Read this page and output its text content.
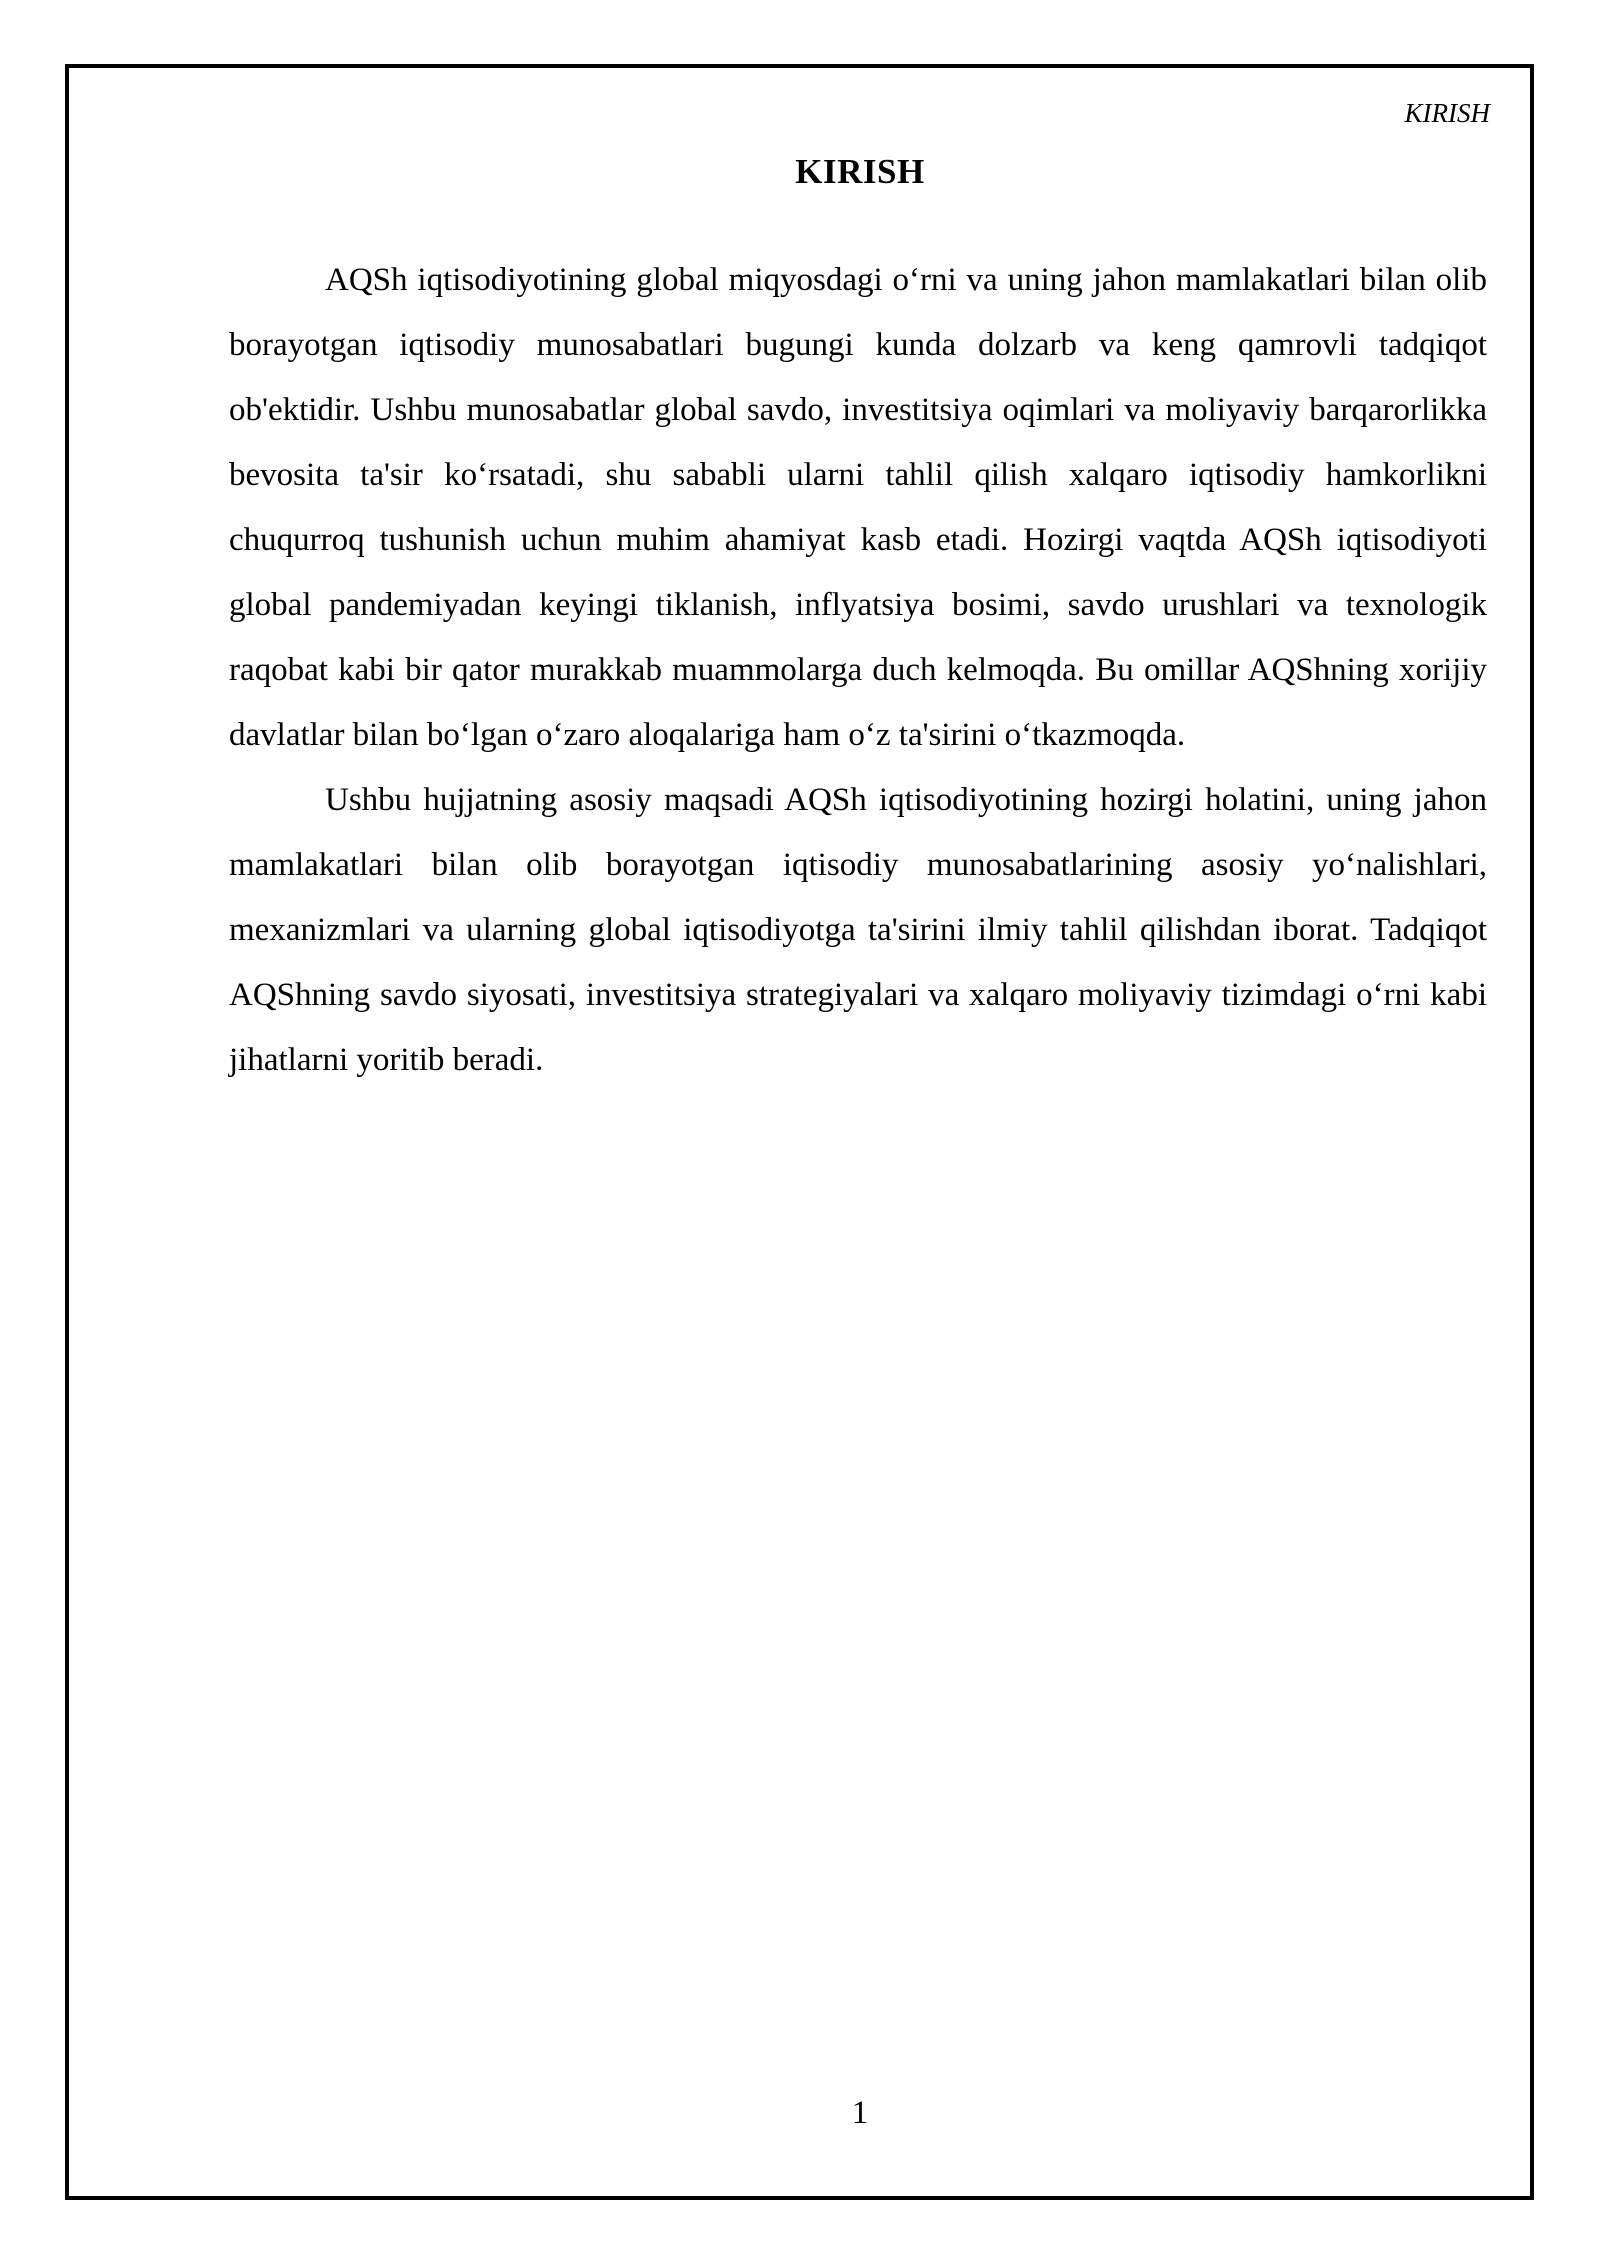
KIRISH
KIRISH

AQSh iqtisodiyotining global miqyosdagi o‘rni va uning jahon mamlakatlari bilan olib borayotgan iqtisodiy munosabatlari bugungi kunda dolzarb va keng qamrovli tadqiqot ob'ektidir. Ushbu munosabatlar global savdo, investitsiya oqimlari va moliyaviy barqarorlikka bevosita ta'sir ko‘rsatadi, shu sababli ularni tahlil qilish xalqaro iqtisodiy hamkorlikni chuqurroq tushunish uchun muhim ahamiyat kasb etadi. Hozirgi vaqtda AQSh iqtisodiyoti global pandemiyadan keyingi tiklanish, inflyatsiya bosimi, savdo urushlari va texnologik raqobat kabi bir qator murakkab muammolarga duch kelmoqda. Bu omillar AQShning xorijiy davlatlar bilan bo‘lgan o‘zaro aloqalariga ham o‘z ta'sirini o‘tkazmoqda.

Ushbu hujjatning asosiy maqsadi AQSh iqtisodiyotining hozirgi holatini, uning jahon mamlakatlari bilan olib borayotgan iqtisodiy munosabatlarining asosiy yo‘nalishlari, mexanizmlari va ularning global iqtisodiyotga ta'sirini ilmiy tahlil qilishdan iborat. Tadqiqot AQShning savdo siyosati, investitsiya strategiyalari va xalqaro moliyaviy tizimdagi o‘rni kabi jihatlarni yoritib beradi.

1
